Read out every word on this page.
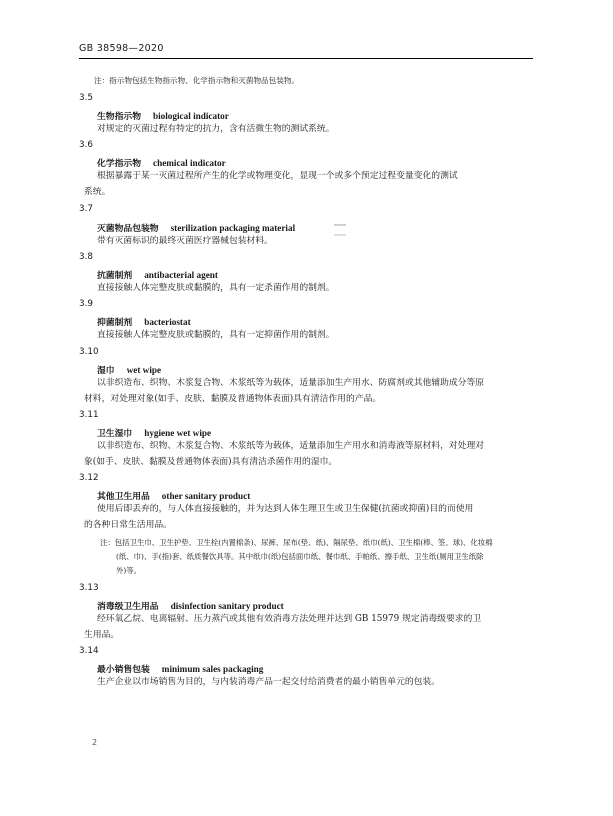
GB 38598—2020
注：指示物包括生物指示物、化学指示物和灭菌物品包装物。
3.5
生物指示物 biological indicator
对规定的灭菌过程有特定的抗力，含有活微生物的测试系统。
3.6
化学指示物 chemical indicator
根据暴露于某一灭菌过程所产生的化学或物理变化，显现一个或多个预定过程变量变化的测试
系统。
3.7
灭菌物品包装物 sterilization packaging material
带有灭菌标识的最终灭菌医疗器械包装材料。
3.8
抗菌制剂 antibacterial agent
直接接触人体完整皮肤或黏膜的，具有一定杀菌作用的制剂。
3.9
抑菌制剂 bacteriostat
直接接触人体完整皮肤或黏膜的，具有一定抑菌作用的制剂。
3.10
湿巾 wet wipe
以非织造布、织物、木浆复合物、木浆纸等为载体，适量添加生产用水、防腐剂或其他辅助成分等原
材料，对处理对象(如手、皮肤、黏膜及普通物体表面)具有清洁作用的产品。
3.11
卫生湿巾 hygiene wet wipe
以非织造布、织物、木浆复合物、木浆纸等为载体，适量添加生产用水和消毒液等原材料，对处理对
象(如手、皮肤、黏膜及普通物体表面)具有清洁杀菌作用的湿巾。
3.12
其他卫生用品 other sanitary product
使用后即丢弃的，与人体直接接触的，并为达到人体生理卫生或卫生保健(抗菌或抑菌)目的而使用
的各种日常生活用品。
注：包括卫生巾、卫生护垫、卫生栓(内置棉条)、尿裤、尿布(垫、纸)、隔尿垫、纸巾(纸)、卫生棉(棒、签、球)、化妆棉
(纸、巾)、手(指)套、纸质餐饮具等。其中纸巾(纸)包括面巾纸、餐巾纸、手帕纸、擦手纸、卫生纸(厕用卫生纸除
外)等。
3.13
消毒级卫生用品 disinfection sanitary product
经环氧乙烷、电离辐射、压力蒸汽或其他有效消毒方法处理并达到 GB 15979 规定消毒级要求的卫
生用品。
3.14
最小销售包装 minimum sales packaging
生产企业以市场销售为目的，与内装消毒产品一起交付给消费者的最小销售单元的包装。
2
